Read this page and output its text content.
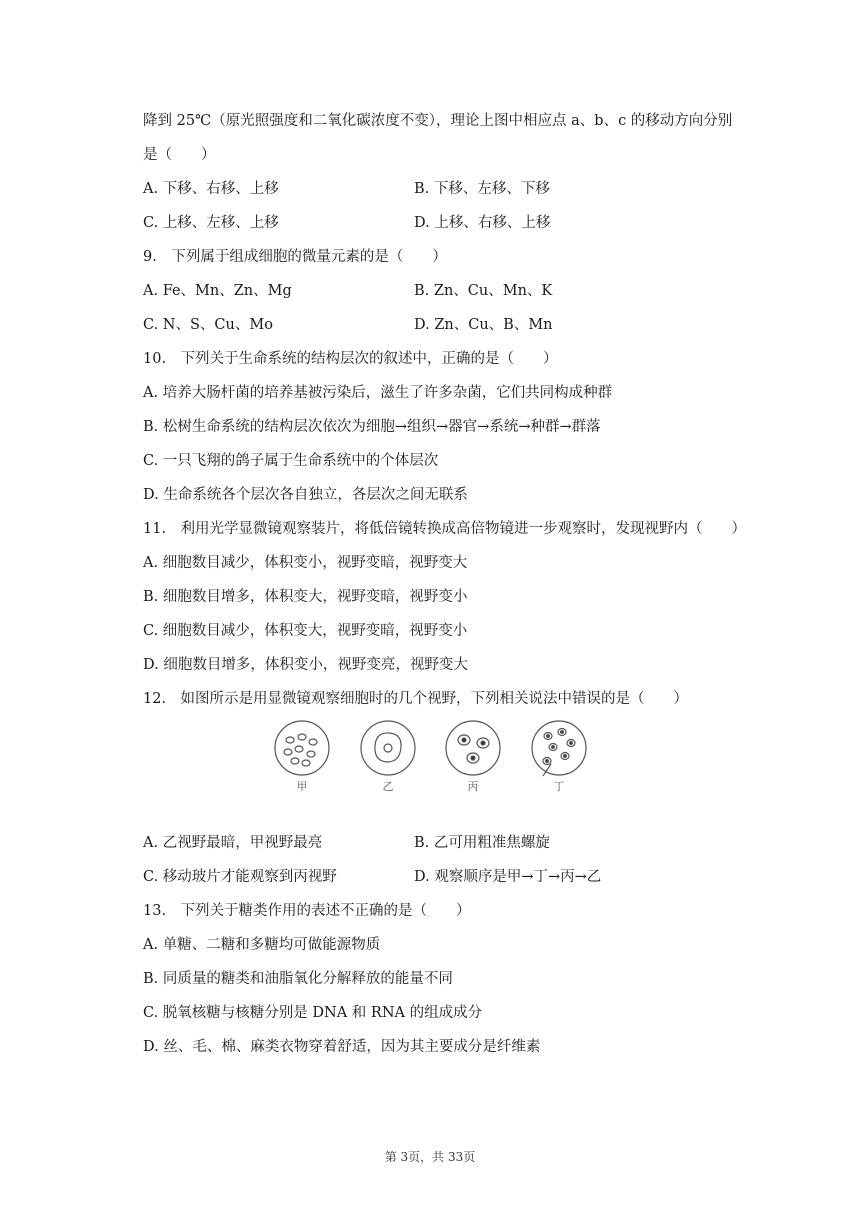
降到 25℃（原光照强度和二氧化碳浓度不变），理论上图中相应点 a、b、c 的移动方向分别
是（　　）
A. 下移、右移、上移	B. 下移、左移、下移
C. 上移、左移、上移	D. 上移、右移、上移
9.　下列属于组成细胞的微量元素的是（　　）
A. Fe、Mn、Zn、Mg	B. Zn、Cu、Mn、K
C. N、S、Cu、Mo	D. Zn、Cu、B、Mn
10.　下列关于生命系统的结构层次的叙述中，正确的是（　　）
A. 培养大肠杆菌的培养基被污染后，滋生了许多杂菌，它们共同构成种群
B. 松树生命系统的结构层次依次为细胞→组织→器官→系统→种群→群落
C. 一只飞翔的鸽子属于生命系统中的个体层次
D. 生命系统各个层次各自独立，各层次之间无联系
11.　利用光学显微镜观察装片，将低倍镜转换成高倍物镜进一步观察时，发现视野内（　　）
A. 细胞数目减少，体积变小，视野变暗，视野变大
B. 细胞数目增多，体积变大，视野变暗，视野变小
C. 细胞数目减少，体积变大，视野变暗，视野变小
D. 细胞数目增多，体积变小，视野变亮，视野变大
12.　如图所示是用显微镜观察细胞时的几个视野，下列相关说法中错误的是（　　）
甲	乙	丙	丁
A. 乙视野最暗，甲视野最亮	B. 乙可用粗准焦螺旋
C. 移动玻片才能观察到丙视野	D. 观察顺序是甲→丁→丙→乙
13.　下列关于糖类作用的表述不正确的是（　　）
A. 单糖、二糖和多糖均可做能源物质
B. 同质量的糖类和油脂氧化分解释放的能量不同
C. 脱氧核糖与核糖分别是 DNA 和 RNA 的组成成分
D. 丝、毛、棉、麻类衣物穿着舒适，因为其主要成分是纤维素
第 3页，共 33页
